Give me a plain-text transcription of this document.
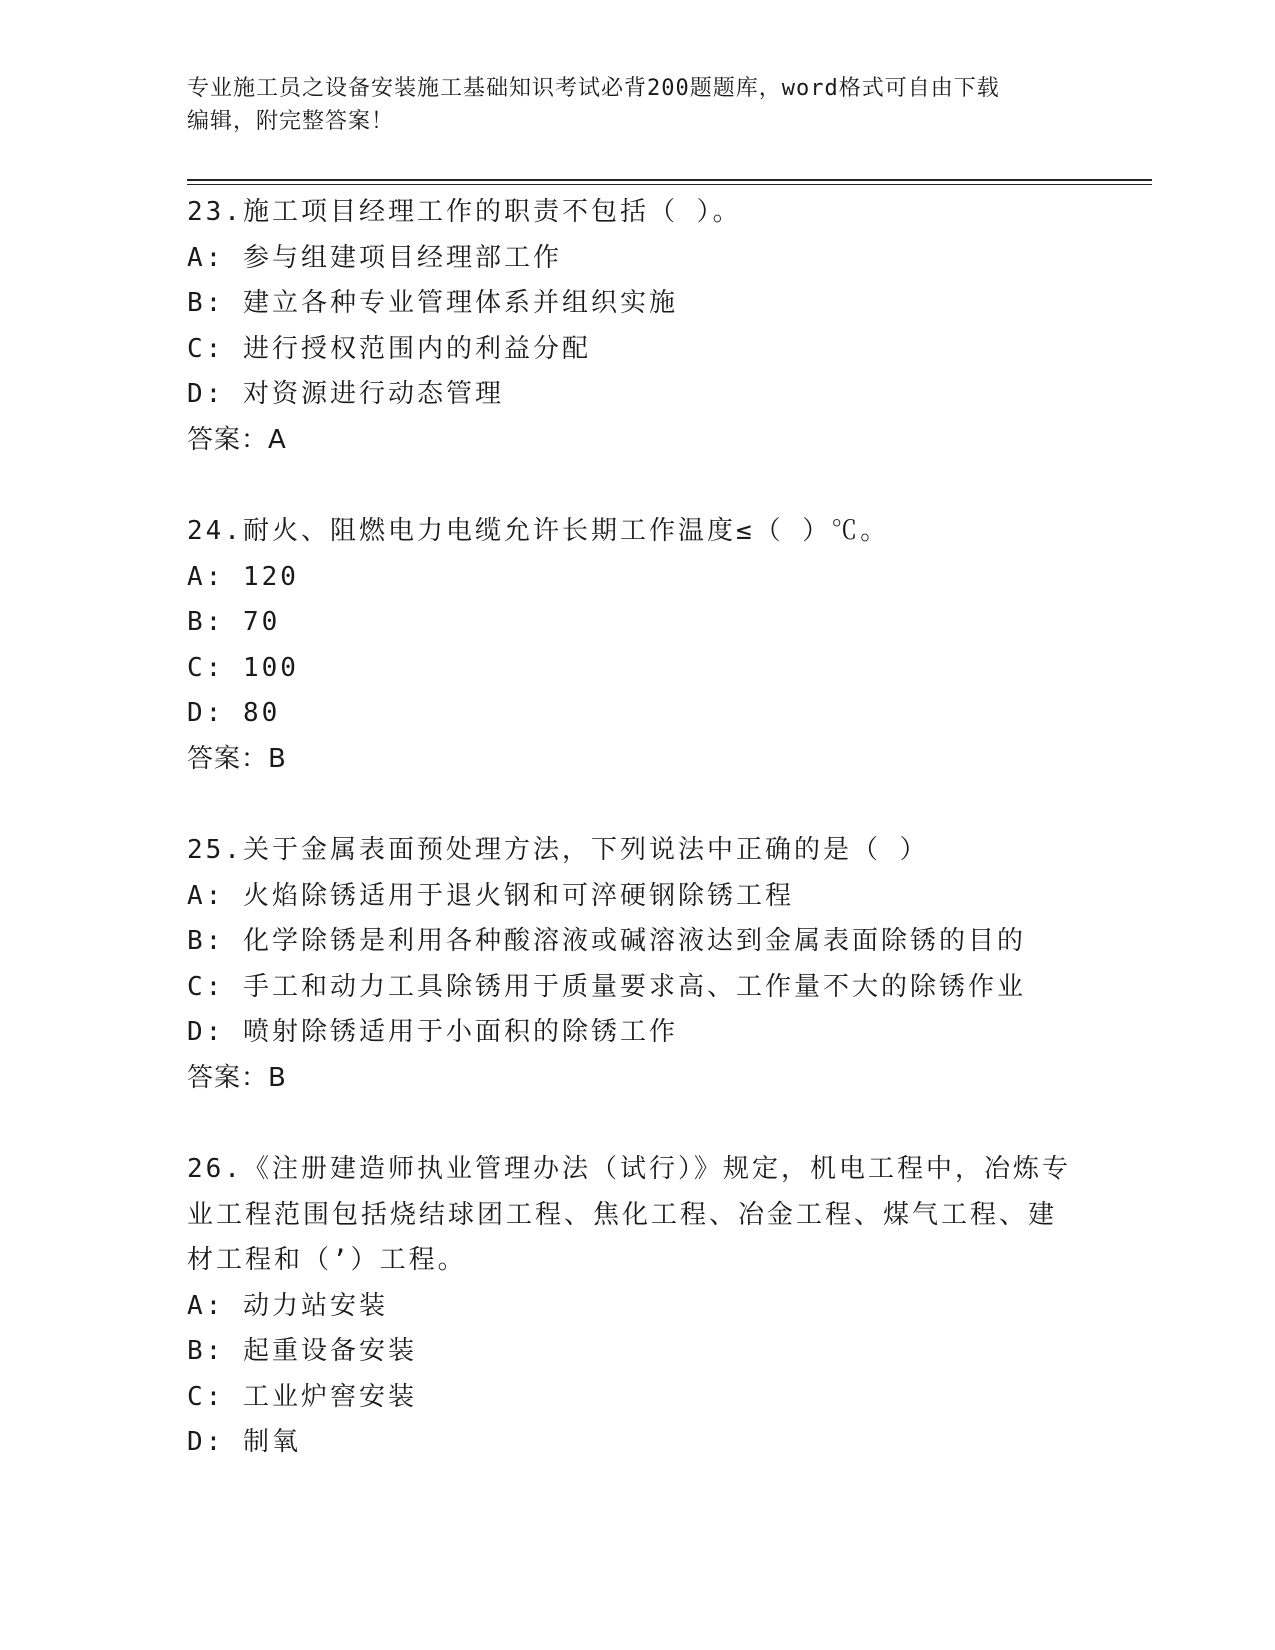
专业施工员之设备安装施工基础知识考试必背200题题库，word格式可自由下载
编辑，附完整答案！
23.施工项目经理工作的职责不包括（ ）。
A: 参与组建项目经理部工作
B: 建立各种专业管理体系并组织实施
C: 进行授权范围内的利益分配
D: 对资源进行动态管理
答案：A
24.耐火、阻燃电力电缆允许长期工作温度≤（ ）℃。
A: 120
B: 70
C: 100
D: 80
答案：B
25.关于金属表面预处理方法，下列说法中正确的是（ ）
A: 火焰除锈适用于退火钢和可淬硬钢除锈工程
B: 化学除锈是利用各种酸溶液或碱溶液达到金属表面除锈的目的
C: 手工和动力工具除锈用于质量要求高、工作量不大的除锈作业
D: 喷射除锈适用于小面积的除锈工作
答案：B
26.《注册建造师执业管理办法（试行）》规定，机电工程中，冶炼专
业工程范围包括烧结球团工程、焦化工程、冶金工程、煤气工程、建
材工程和（’）工程。
A: 动力站安装
B: 起重设备安装
C: 工业炉窖安装
D: 制氧
